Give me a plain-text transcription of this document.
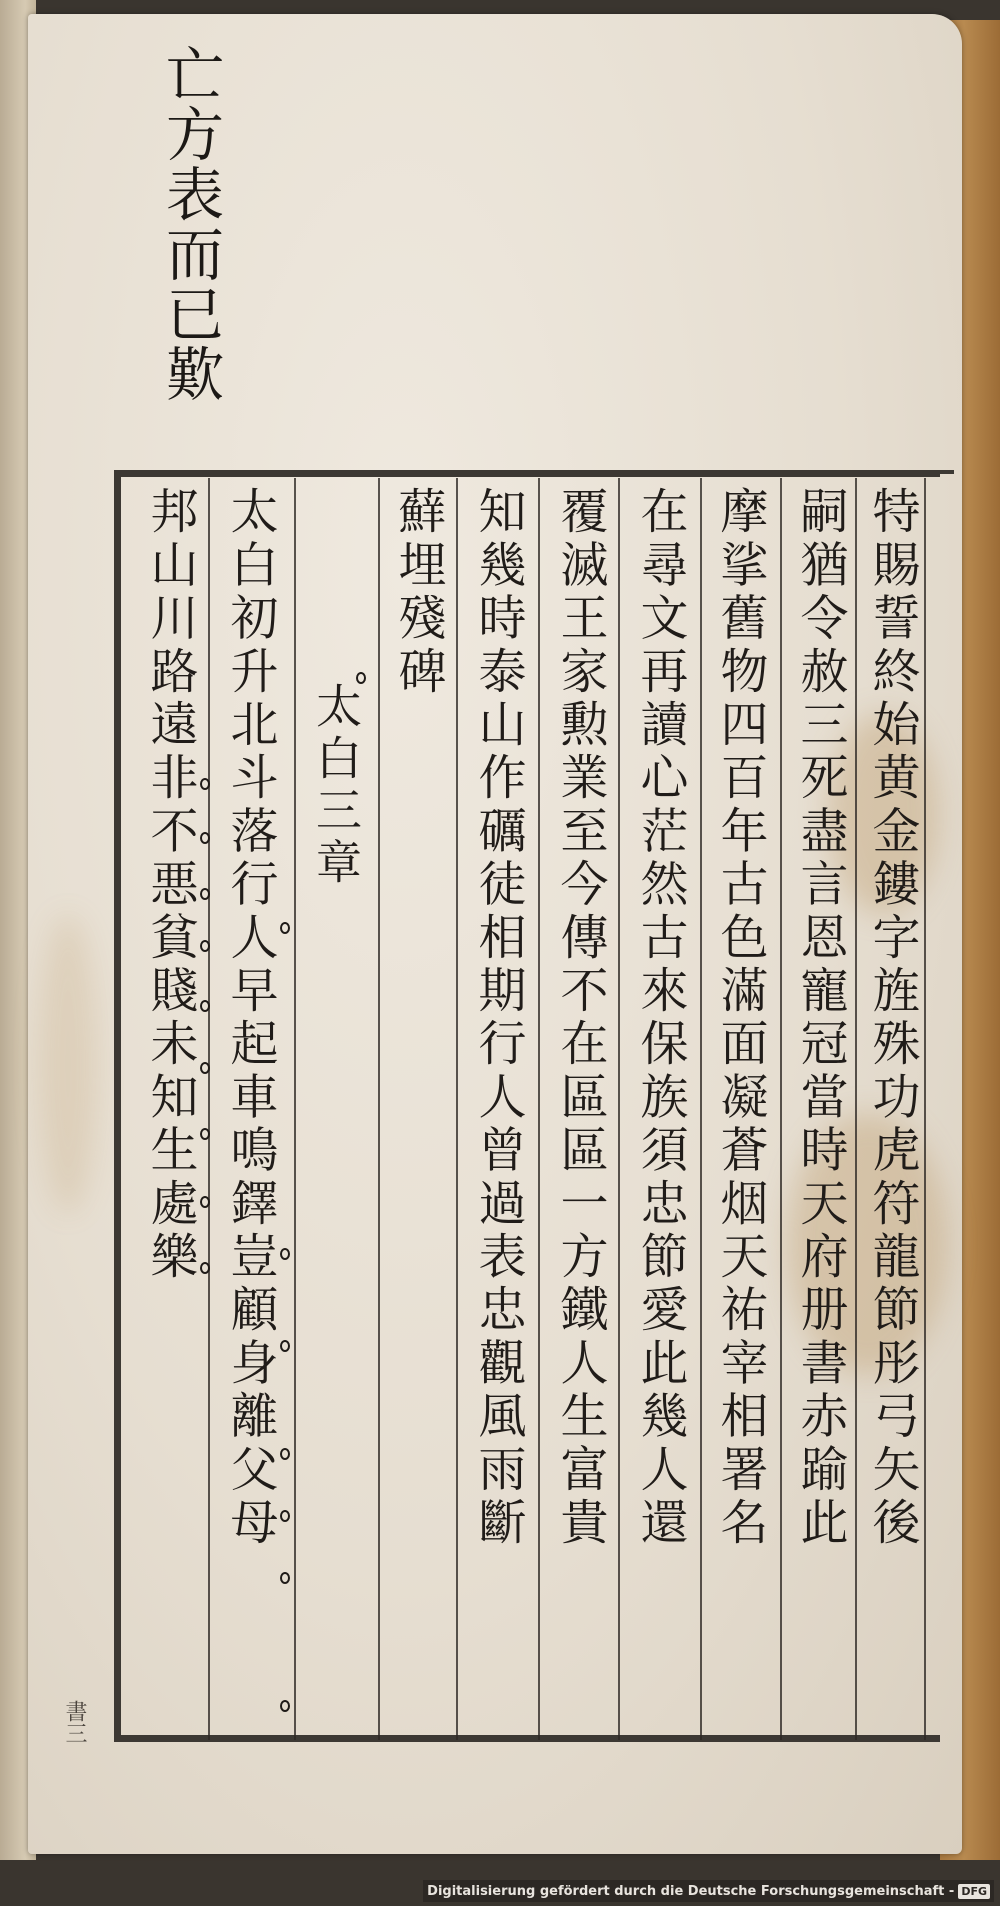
亡方表而已歎
特賜誓終始黄金鏤字旌殊功虎符龍節彤弓矢後
嗣猶令赦三死盡言恩寵冠當時天府册書赤踰此
摩挲舊物四百年古色滿面凝蒼烟天祐宰相署名
在尋文再讀心茫然古來保族須忠節愛此幾人還
覆滅王家勲業至今傳不在區區一方鐵人生富貴
知幾時泰山作礪徒相期行人曾過表忠觀風雨斷
蘚埋殘碑
太白三章
太白初升北斗落行人早起車鳴鐸豈顧身離父母
邦山川路遠非不悪貧賤未知生處樂
書三
Digitalisierung gefördert durch die Deutsche Forschungsgemeinschaft - DFG
